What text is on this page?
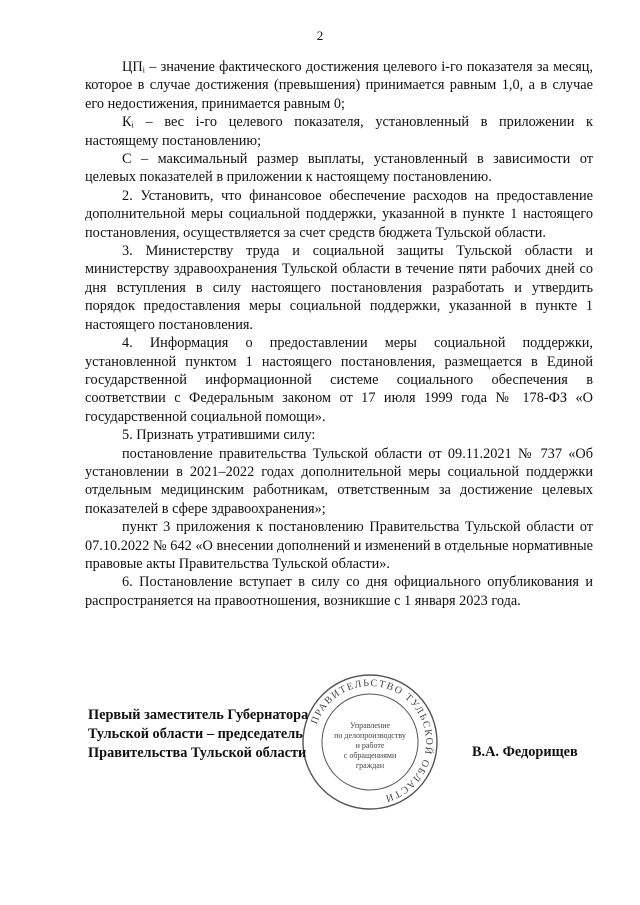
2

ЦПᵢ – значение фактического достижения целевого i-го показателя за месяц, которое в случае достижения (превышения) принимается равным 1,0, а в случае его недостижения, принимается равным 0;

Кᵢ – вес i-го целевого показателя, установленный в приложении к настоящему постановлению;

С – максимальный размер выплаты, установленный в зависимости от целевых показателей в приложении к настоящему постановлению.

2. Установить, что финансовое обеспечение расходов на предоставление дополнительной меры социальной поддержки, указанной в пункте 1 настоящего постановления, осуществляется за счет средств бюджета Тульской области.

3. Министерству труда и социальной защиты Тульской области и министерству здравоохранения Тульской области в течение пяти рабочих дней со дня вступления в силу настоящего постановления разработать и утвердить порядок предоставления меры социальной поддержки, указанной в пункте 1 настоящего постановления.

4. Информация о предоставлении меры социальной поддержки, установленной пунктом 1 настоящего постановления, размещается в Единой государственной информационной системе социального обеспечения в соответствии с Федеральным законом от 17 июля 1999 года № 178-ФЗ «О государственной социальной помощи».

5. Признать утратившими силу:

постановление правительства Тульской области от 09.11.2021 № 737 «Об установлении в 2021–2022 годах дополнительной меры социальной поддержки отдельным медицинским работникам, ответственным за достижение целевых показателей в сфере здравоохранения»;

пункт 3 приложения к постановлению Правительства Тульской области от 07.10.2022 № 642 «О внесении дополнений и изменений в отдельные нормативные правовые акты Правительства Тульской области».

6. Постановление вступает в силу со дня официального опубликования и распространяется на правоотношения, возникшие с 1 января 2023 года.

ПРАВИТЕЛЬСТВО ТУЛЬСКОЙ ОБЛАСТИ
Управление
по делопроизводству
и работе
с обращениями
граждан
Первый заместитель Губернатора
Тульской области – председатель
Правительства Тульской области	В.А. Федорищев
